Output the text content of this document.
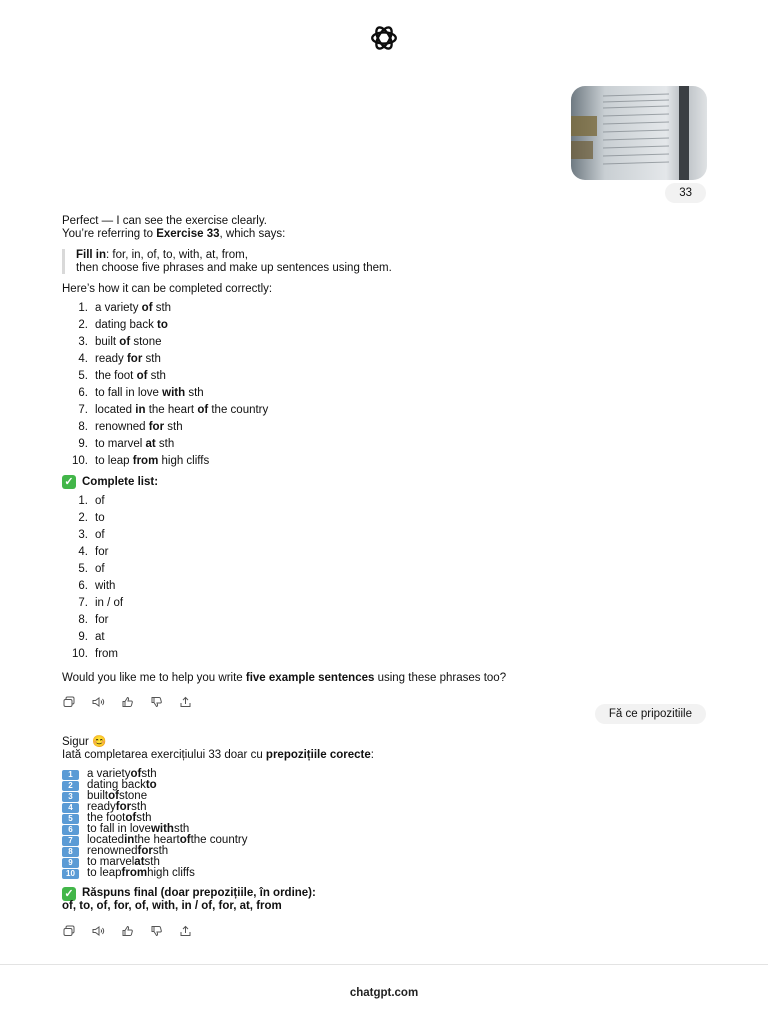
33
Perfect — I can see the exercise clearly.
You’re referring to Exercise 33, which says:
Fill in: for, in, of, to, with, at, from,
then choose five phrases and make up sentences using them.
Here’s how it can be completed correctly:
1. a variety of sth
2. dating back to
3. built of stone
4. ready for sth
5. the foot of sth
6. to fall in love with sth
7. located in the heart of the country
8. renowned for sth
9. to marvel at sth
10. to leap from high cliffs
✓ Complete list:
1. of
2. to
3. of
4. for
5. of
6. with
7. in / of
8. for
9. at
10. from
Would you like me to help you write five example sentences using these phrases too?
Fă ce pripozitiile
Sigur 😊
Iată completarea exercițiului 33 doar cu prepozițiile corecte:
1	a variety of sth
2	dating back to
3	built of stone
4	ready for sth
5	the foot of sth
6	to fall in love with sth
7	located in the heart of the country
8	renowned for sth
9	to marvel at sth
10	to leap from high cliffs
✓ Răspuns final (doar prepozițiile, în ordine):
of, to, of, for, of, with, in / of, for, at, from
chatgpt.com
